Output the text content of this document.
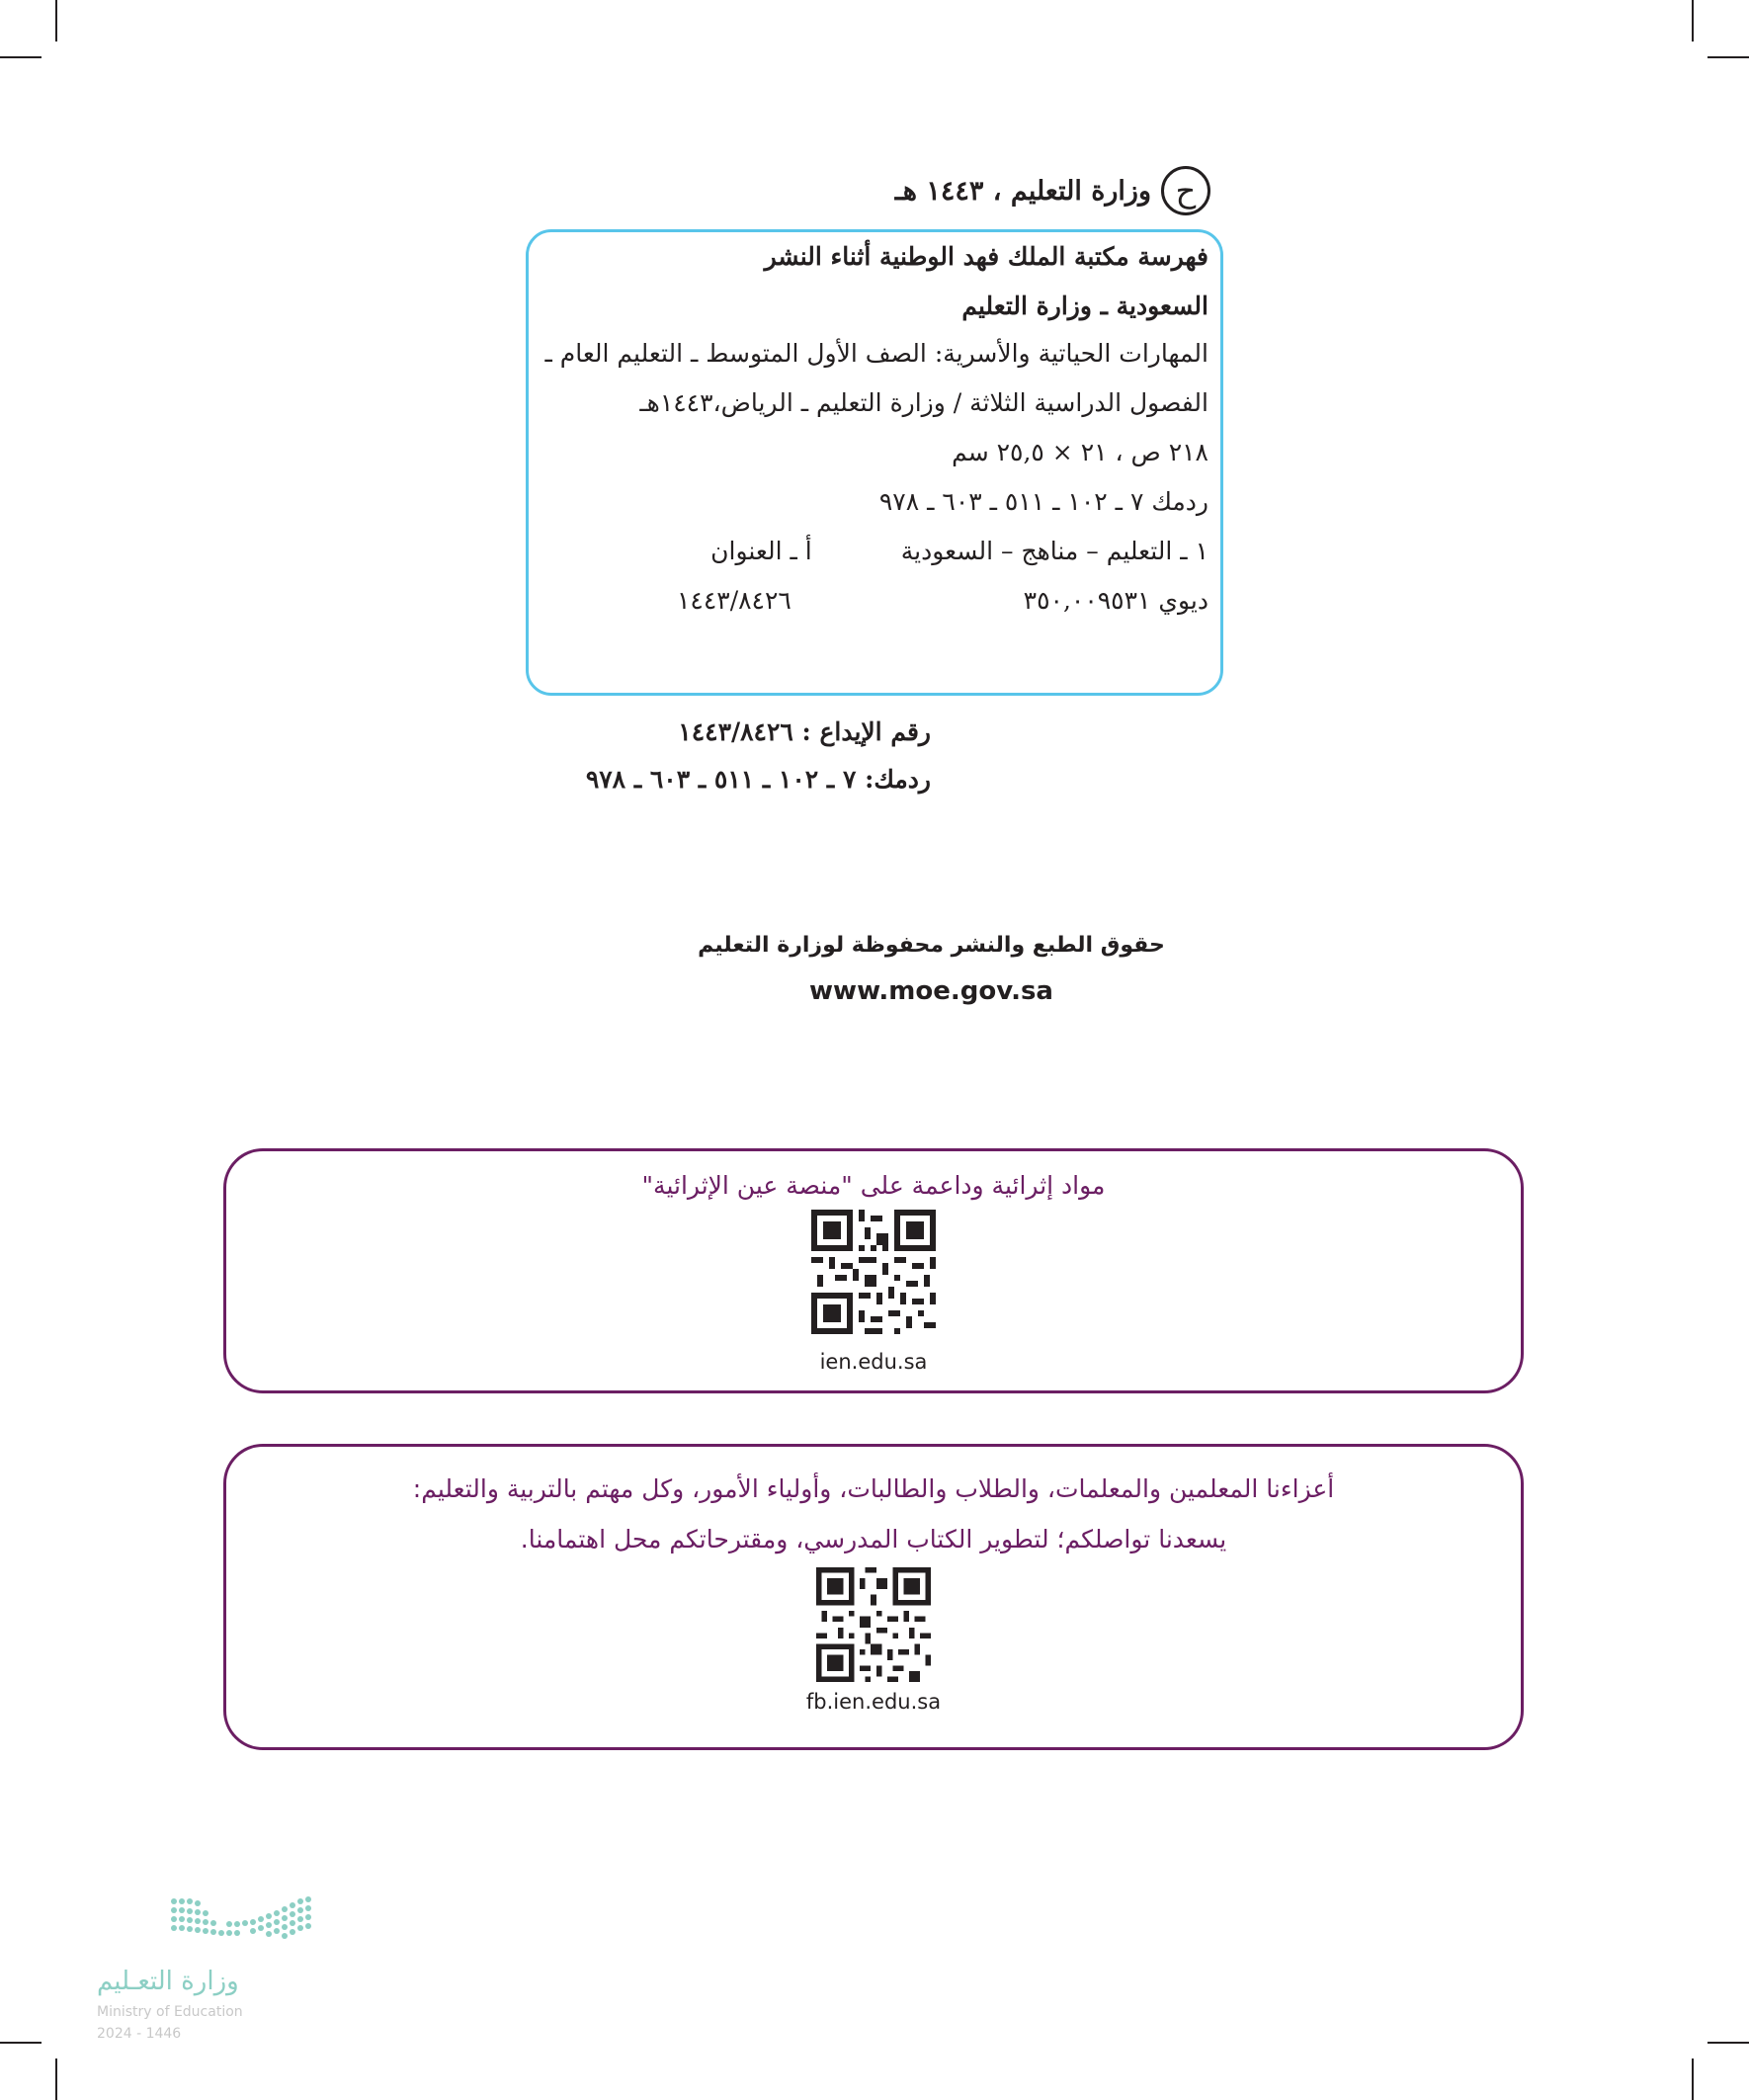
ح
وزارة التعليم ، ١٤٤٣ هـ
فهرسة مكتبة الملك فهد الوطنية أثناء النشر
السعودية ـ وزارة التعليم
المهارات الحياتية والأسرية: الصف الأول المتوسط ـ التعليم العام ـ
الفصول الدراسية الثلاثة / وزارة التعليم ـ الرياض،١٤٤٣هـ
٢١٨ ص ، ٢١ × ٢٥,٥ سم
ردمك ٧ ـ ١٠٢ ـ ٥١١ ـ ٦٠٣ ـ ٩٧٨
١ ـ التعليم – مناهج – السعودية
أ ـ العنوان
ديوي ٣٥٠,٠٠٩٥٣١
١٤٤٣/٨٤٢٦
رقم الإيداع : ١٤٤٣/٨٤٢٦
ردمك: ٧ ـ ١٠٢ ـ ٥١١ ـ ٦٠٣ ـ ٩٧٨
حقوق الطبع والنشر محفوظة لوزارة التعليم
www.moe.gov.sa
مواد إثرائية وداعمة على "منصة عين الإثرائية"
ien.edu.sa
أعزاءنا المعلمين والمعلمات، والطلاب والطالبات، وأولياء الأمور، وكل مهتم بالتربية والتعليم:
يسعدنا تواصلكم؛ لتطوير الكتاب المدرسي، ومقترحاتكم محل اهتمامنا.
fb.ien.edu.sa
وزارة التعـليم
Ministry of Education
2024 - 1446
